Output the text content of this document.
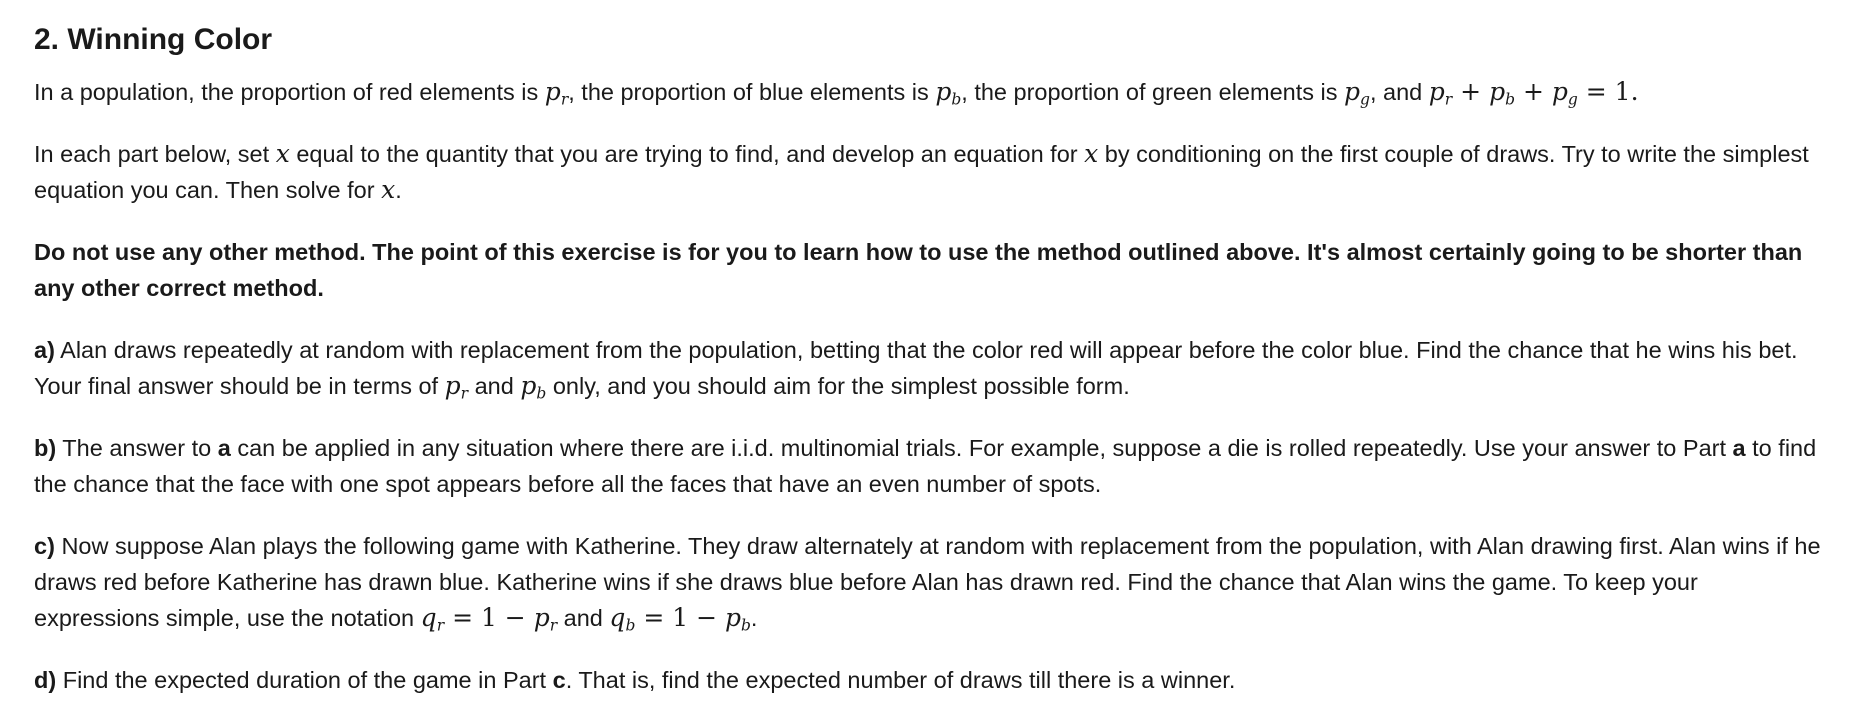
2. Winning Color

In a population, the proportion of red elements is $p_r$, the proportion of blue elements is $p_b$, the proportion of green elements is $p_g$, and $p_r + p_b + p_g = 1$.

In each part below, set x equal to the quantity that you are trying to find, and develop an equation for x by conditioning on the first couple of draws. Try to write the simplest equation you can. Then solve for x.

Do not use any other method. The point of this exercise is for you to learn how to use the method outlined above. It's almost certainly going to be shorter than any other correct method.

a) Alan draws repeatedly at random with replacement from the population, betting that the color red will appear before the color blue. Find the chance that he wins his bet. Your final answer should be in terms of $p_r$ and $p_b$ only, and you should aim for the simplest possible form.

b) The answer to a can be applied in any situation where there are i.i.d. multinomial trials. For example, suppose a die is rolled repeatedly. Use your answer to Part a to find the chance that the face with one spot appears before all the faces that have an even number of spots.

c) Now suppose Alan plays the following game with Katherine. They draw alternately at random with replacement from the population, with Alan drawing first. Alan wins if he draws red before Katherine has drawn blue. Katherine wins if she draws blue before Alan has drawn red. Find the chance that Alan wins the game. To keep your expressions simple, use the notation $q_r = 1 - p_r$ and $q_b = 1 - p_b$.

d) Find the expected duration of the game in Part c. That is, find the expected number of draws till there is a winner.
